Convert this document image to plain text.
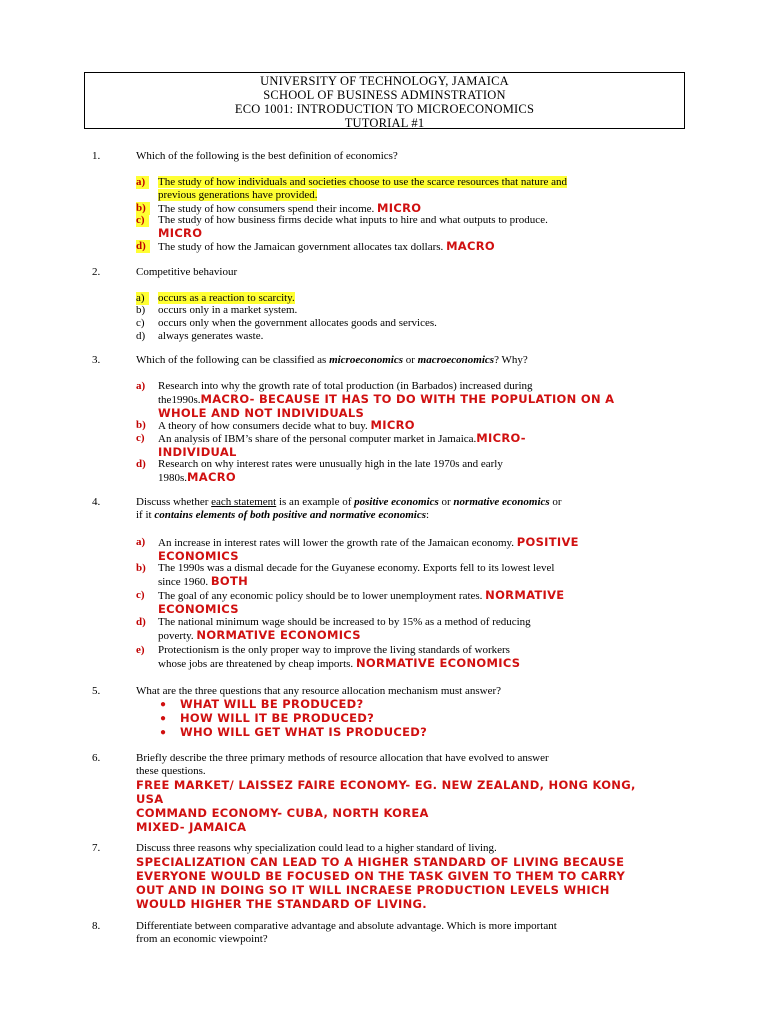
UNIVERSITY OF TECHNOLOGY, JAMAICA
SCHOOL OF BUSINESS ADMINSTRATION
ECO 1001: INTRODUCTION TO MICROECONOMICS
TUTORIAL #1
1.	Which of the following is the best definition of economics?
a)	The study of how individuals and societies choose to use the scarce resources that nature and
previous generations have provided.
b)	The study of how consumers spend their income. MICRO
c)	The study of how business firms decide what inputs to hire and what outputs to produce.
MICRO
d)	The study of how the Jamaican government allocates tax dollars. MACRO
2.	Competitive behaviour
a)	occurs as a reaction to scarcity.
b) occurs only in a market system.
c) occurs only when the government allocates goods and services.
d) always generates waste.
3.	Which of the following can be classified as microeconomics or macroeconomics? Why?
a) Research into why the growth rate of total production (in Barbados) increased during
the1990s.MACRO- BECAUSE IT HAS TO DO WITH THE POPULATION ON A
WHOLE AND NOT INDIVIDUALS
b) A theory of how consumers decide what to buy. MICRO
c) An analysis of IBM’s share of the personal computer market in Jamaica.MICRO-
INDIVIDUAL
d) Research on why interest rates were unusually high in the late 1970s and early
1980s.MACRO
4.	Discuss whether each statement is an example of positive economics or normative economics or
if it contains elements of both positive and normative economics:
a) An increase in interest rates will lower the growth rate of the Jamaican economy. POSITIVE
ECONOMICS
b) The 1990s was a dismal decade for the Guyanese economy. Exports fell to its lowest level
since 1960. BOTH
c) The goal of any economic policy should be to lower unemployment rates. NORMATIVE
ECONOMICS
d) The national minimum wage should be increased to by 15% as a method of reducing
poverty. NORMATIVE ECONOMICS
e) Protectionism is the only proper way to improve the living standards of workers
whose jobs are threatened by cheap imports. NORMATIVE ECONOMICS
5.	What are the three questions that any resource allocation mechanism must answer?
● WHAT WILL BE PRODUCED?
● HOW WILL IT BE PRODUCED?
● WHO WILL GET WHAT IS PRODUCED?
6.	Briefly describe the three primary methods of resource allocation that have evolved to answer
these questions.
FREE MARKET/ LAISSEZ FAIRE ECONOMY- EG. NEW ZEALAND, HONG KONG,
USA
COMMAND ECONOMY- CUBA, NORTH KOREA
MIXED- JAMAICA
7.	Discuss three reasons why specialization could lead to a higher standard of living.
SPECIALIZATION CAN LEAD TO A HIGHER STANDARD OF LIVING BECAUSE
EVERYONE WOULD BE FOCUSED ON THE TASK GIVEN TO THEM TO CARRY
OUT AND IN DOING SO IT WILL INCRAESE PRODUCTION LEVELS WHICH
WOULD HIGHER THE STANDARD OF LIVING.
8.	Differentiate between comparative advantage and absolute advantage. Which is more important
from an economic viewpoint?
